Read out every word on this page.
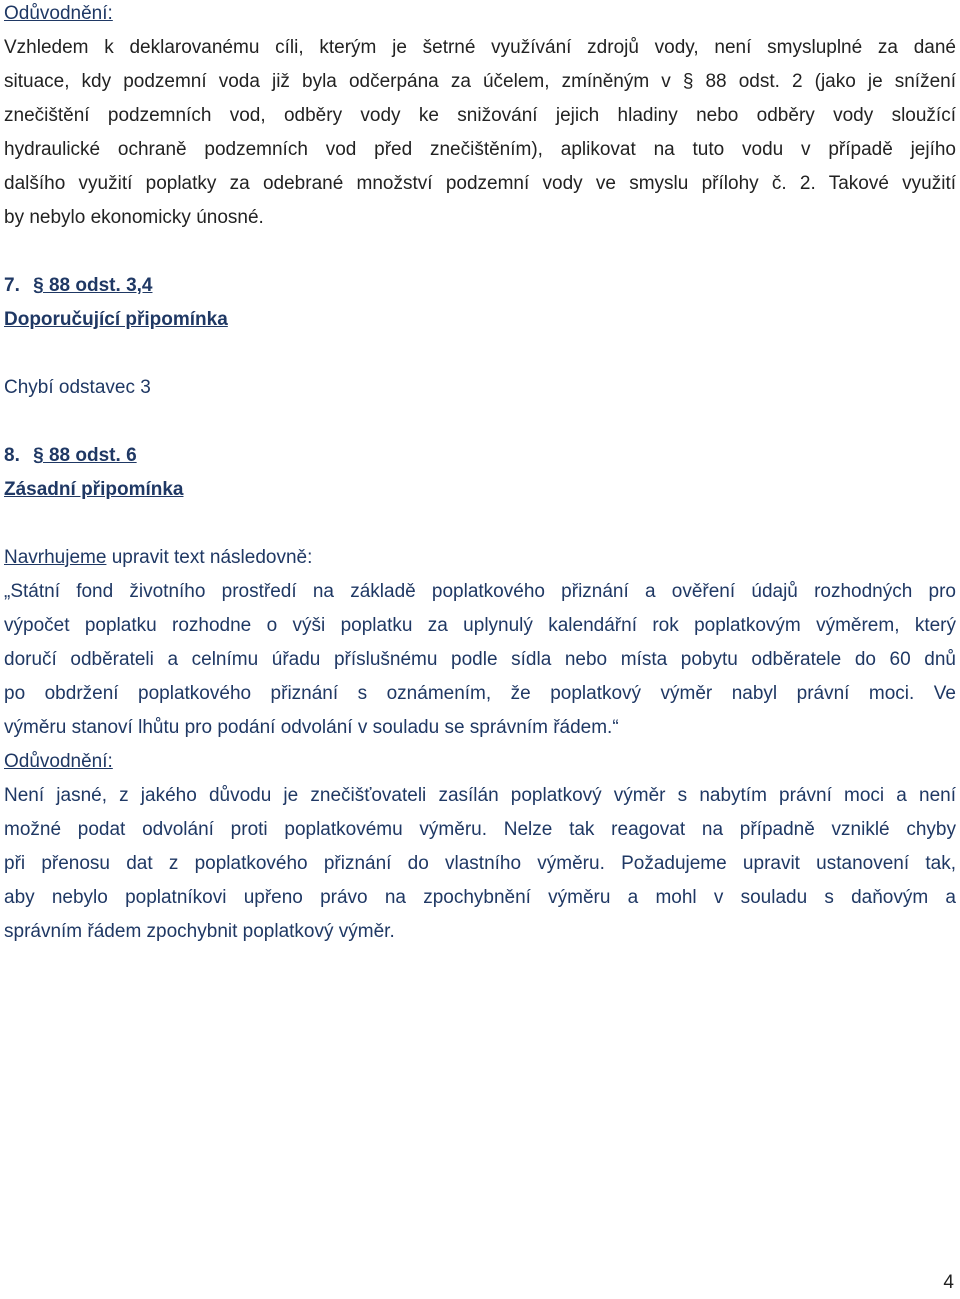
Odůvodnění:
Vzhledem k deklarovanému cíli, kterým je šetrné využívání zdrojů vody, není smysluplné za dané
situace, kdy podzemní voda již byla odčerpána za účelem, zmíněným v § 88 odst. 2 (jako je snížení
znečištění podzemních vod, odběry vody ke snižování jejich hladiny nebo odběry vody sloužící
hydraulické ochraně podzemních vod před znečištěním), aplikovat na tuto vodu v případě jejího
dalšího využití poplatky za odebrané množství podzemní vody ve smyslu přílohy č. 2. Takové využití
by nebylo ekonomicky únosné.
7. § 88 odst. 3,4
Doporučující připomínka
Chybí odstavec 3
8. § 88 odst. 6
Zásadní připomínka
Navrhujeme upravit text následovně:
„Státní fond životního prostředí na základě poplatkového přiznání a ověření údajů rozhodných pro
výpočet poplatku rozhodne o výši poplatku za uplynulý kalendářní rok poplatkovým výměrem, který
doručí odběrateli a celnímu úřadu příslušnému podle sídla nebo místa pobytu odběratele do 60 dnů
po obdržení poplatkového přiznání s oznámením, že poplatkový výměr nabyl právní moci. Ve
výměru stanoví lhůtu pro podání odvolání v souladu se správním řádem.“
Odůvodnění:
Není jasné, z jakého důvodu je znečišťovateli zasílán poplatkový výměr s nabytím právní moci a není
možné podat odvolání proti poplatkovému výměru. Nelze tak reagovat na případně vzniklé chyby
při přenosu dat z poplatkového přiznání do vlastního výměru. Požadujeme upravit ustanovení tak,
aby nebylo poplatníkovi upřeno právo na zpochybnění výměru a mohl v souladu s daňovým a
správním řádem zpochybnit poplatkový výměr.
4
